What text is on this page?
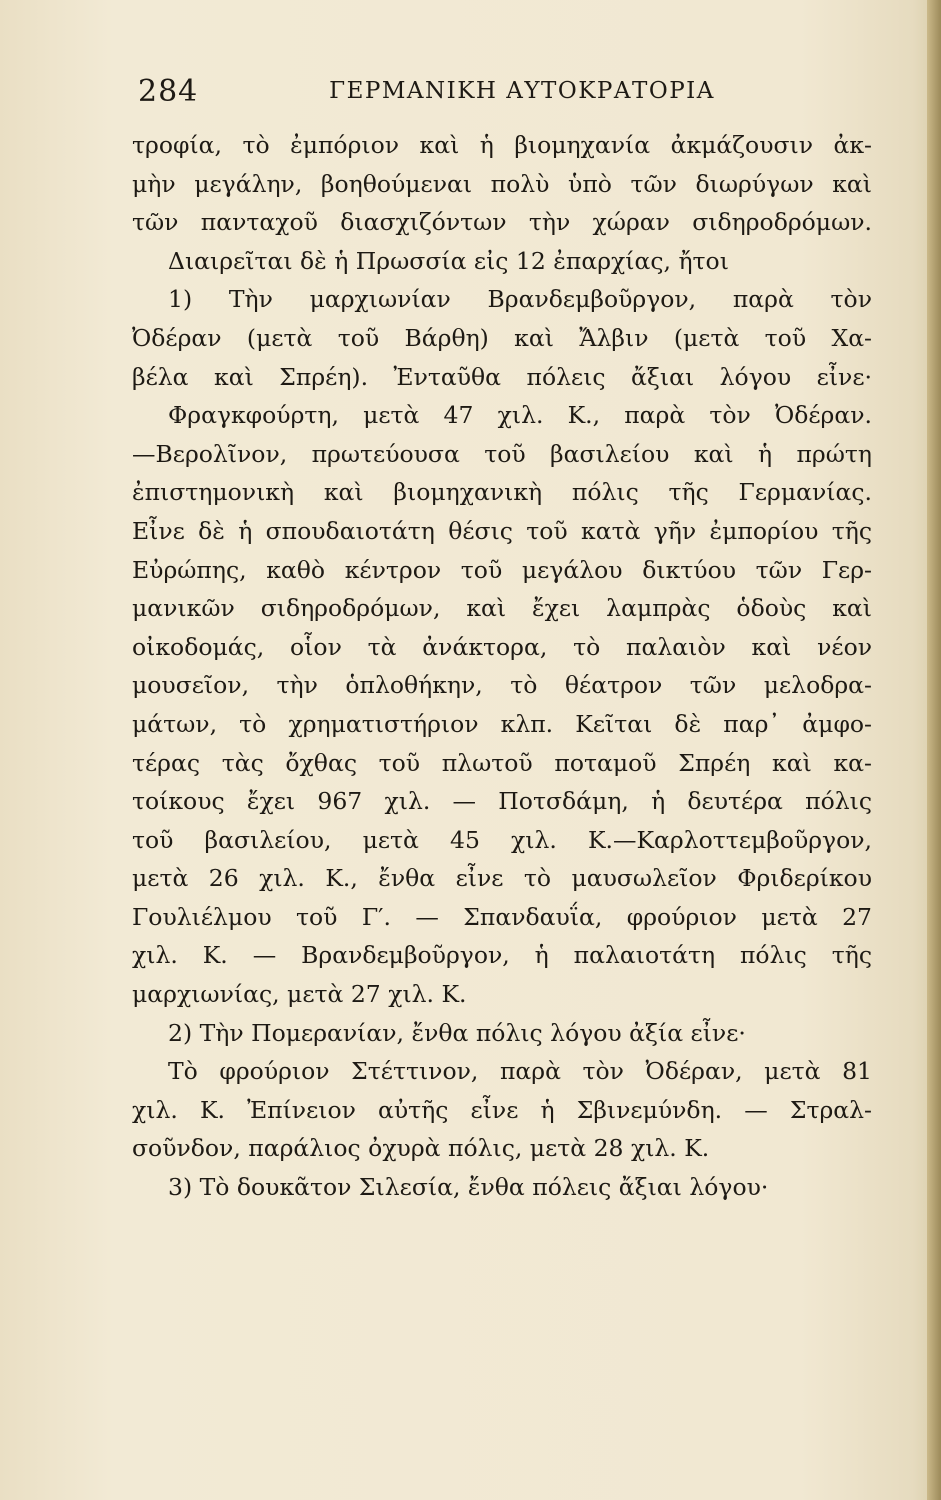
284	ΓΕΡΜΑΝΙΚΗ ΑΥΤΟΚΡΑΤΟΡΙΑ
τροφία, τὸ ἐμπόριον καὶ ἡ βιομηχανία ἀκμάζουσιν ἀκ-
μὴν μεγάλην, βοηθούμεναι πολὺ ὑπὸ τῶν διωρύγων καὶ
τῶν πανταχοῦ διασχιζόντων τὴν χώραν σιδηροδρόμων.
Διαιρεῖται δὲ ἡ Πρωσσία εἰς 12 ἐπαρχίας, ἤτοι
1) Τὴν μαρχιωνίαν Βρανδεμβοῦργον, παρὰ τὸν
Ὀδέραν (μετὰ τοῦ Βάρθη) καὶ Ἄλβιν (μετὰ τοῦ Χα-
βέλα καὶ Σπρέη). Ἐνταῦθα πόλεις ἄξιαι λόγου εἶνε·
Φραγκφούρτη, μετὰ 47 χιλ. Κ., παρὰ τὸν Ὀδέραν.
—Βερολῖνον, πρωτεύουσα τοῦ βασιλείου καὶ ἡ πρώτη
ἐπιστημονικὴ καὶ βιομηχανικὴ πόλις τῆς Γερμανίας.
Εἶνε δὲ ἡ σπουδαιοτάτη θέσις τοῦ κατὰ γῆν ἐμπορίου τῆς
Εὐρώπης, καθὸ κέντρον τοῦ μεγάλου δικτύου τῶν Γερ-
μανικῶν σιδηροδρόμων, καὶ ἔχει λαμπρὰς ὁδοὺς καὶ
οἰκοδομάς, οἷον τὰ ἀνάκτορα, τὸ παλαιὸν καὶ νέον
μουσεῖον, τὴν ὁπλοθήκην, τὸ θέατρον τῶν μελοδρα-
μάτων, τὸ χρηματιστήριον κλπ. Κεῖται δὲ παρ᾽ ἀμφο-
τέρας τὰς ὄχθας τοῦ πλωτοῦ ποταμοῦ Σπρέη καὶ κα-
τοίκους ἔχει 967 χιλ. — Ποτσδάμη, ἡ δευτέρα πόλις
τοῦ βασιλείου, μετὰ 45 χιλ. Κ.—Καρλοττεμβοῦργον,
μετὰ 26 χιλ. Κ., ἔνθα εἶνε τὸ μαυσωλεῖον Φριδερίκου
Γουλιέλμου τοῦ Γ′. — Σπανδαυΐα, φρούριον μετὰ 27
χιλ. Κ. — Βρανδεμβοῦργον, ἡ παλαιοτάτη πόλις τῆς
μαρχιωνίας, μετὰ 27 χιλ. Κ.
2) Τὴν Πομερανίαν, ἔνθα πόλις λόγου ἀξία εἶνε·
Τὸ φρούριον Στέττινον, παρὰ τὸν Ὀδέραν, μετὰ 81
χιλ. Κ. Ἐπίνειον αὐτῆς εἶνε ἡ Σβινεμύνδη. — Στραλ-
σοῦνδον, παράλιος ὀχυρὰ πόλις, μετὰ 28 χιλ. Κ.
3) Τὸ δουκᾶτον Σιλεσία, ἔνθα πόλεις ἄξιαι λόγου·
